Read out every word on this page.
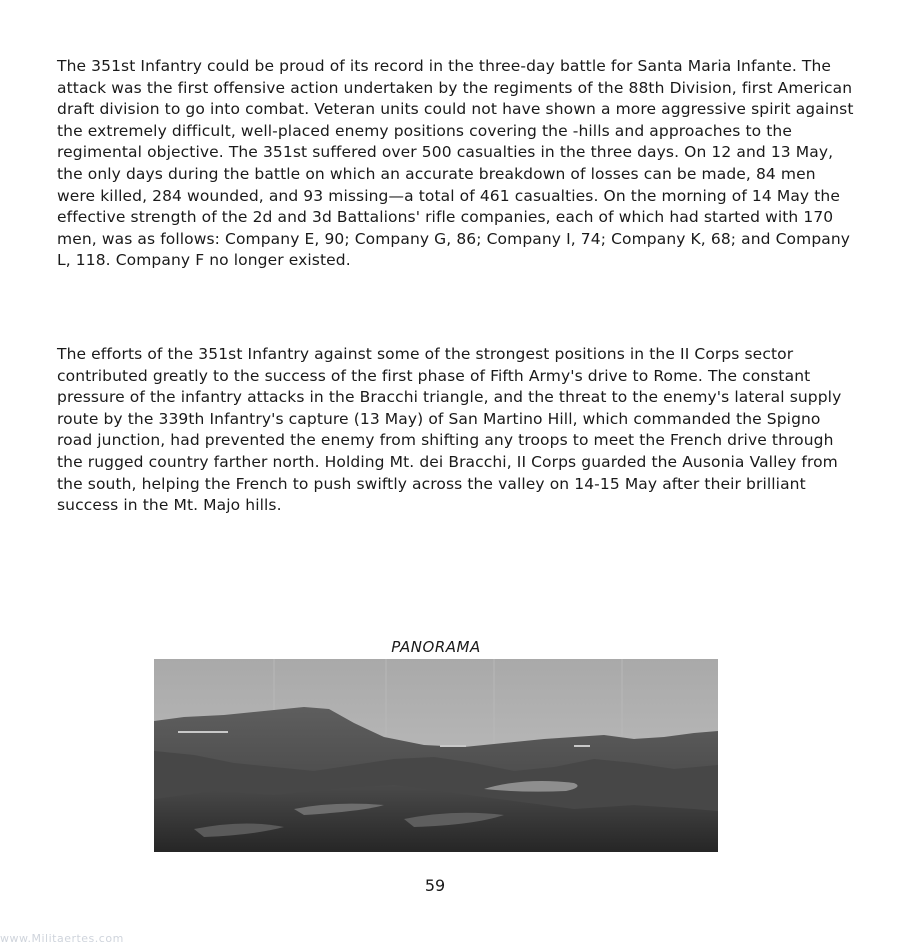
The 351st Infantry could be proud of its record in the three-day battle for Santa Maria Infante. The attack was the first offensive action undertaken by the regiments of the 88th Division, first American draft division to go into combat. Veteran units could not have shown a more aggressive spirit against the extremely difficult, well-placed enemy positions covering the -hills and approaches to the regimental objective. The 351st suffered over 500 casualties in the three days. On 12 and 13 May, the only days during the battle on which an accurate breakdown of losses can be made, 84 men were killed, 284 wounded, and 93 missing—a total of 461 casualties. On the morning of 14 May the effective strength of the 2d and 3d Battalions' rifle companies, each of which had started with 170 men, was as follows: Company E, 90; Company G, 86; Company I, 74; Company K, 68; and Company L, 118. Company F no longer existed.

The efforts of the 351st Infantry against some of the strongest positions in the II Corps sector contributed greatly to the success of the first phase of Fifth Army's drive to Rome. The constant pressure of the infantry attacks in the Bracchi triangle, and the threat to the enemy's lateral supply route by the 339th Infantry's capture (13 May) of San Martino Hill, which commanded the Spigno road junction, had prevented the enemy from shifting any troops to meet the French drive through the rugged country farther north. Holding Mt. dei Bracchi, II Corps guarded the Ausonia Valley from the south, helping the French to push swiftly across the valley on 14-15 May after their brilliant success in the Mt. Majo hills.

PANORAMA
59
www.Militaertes.com
